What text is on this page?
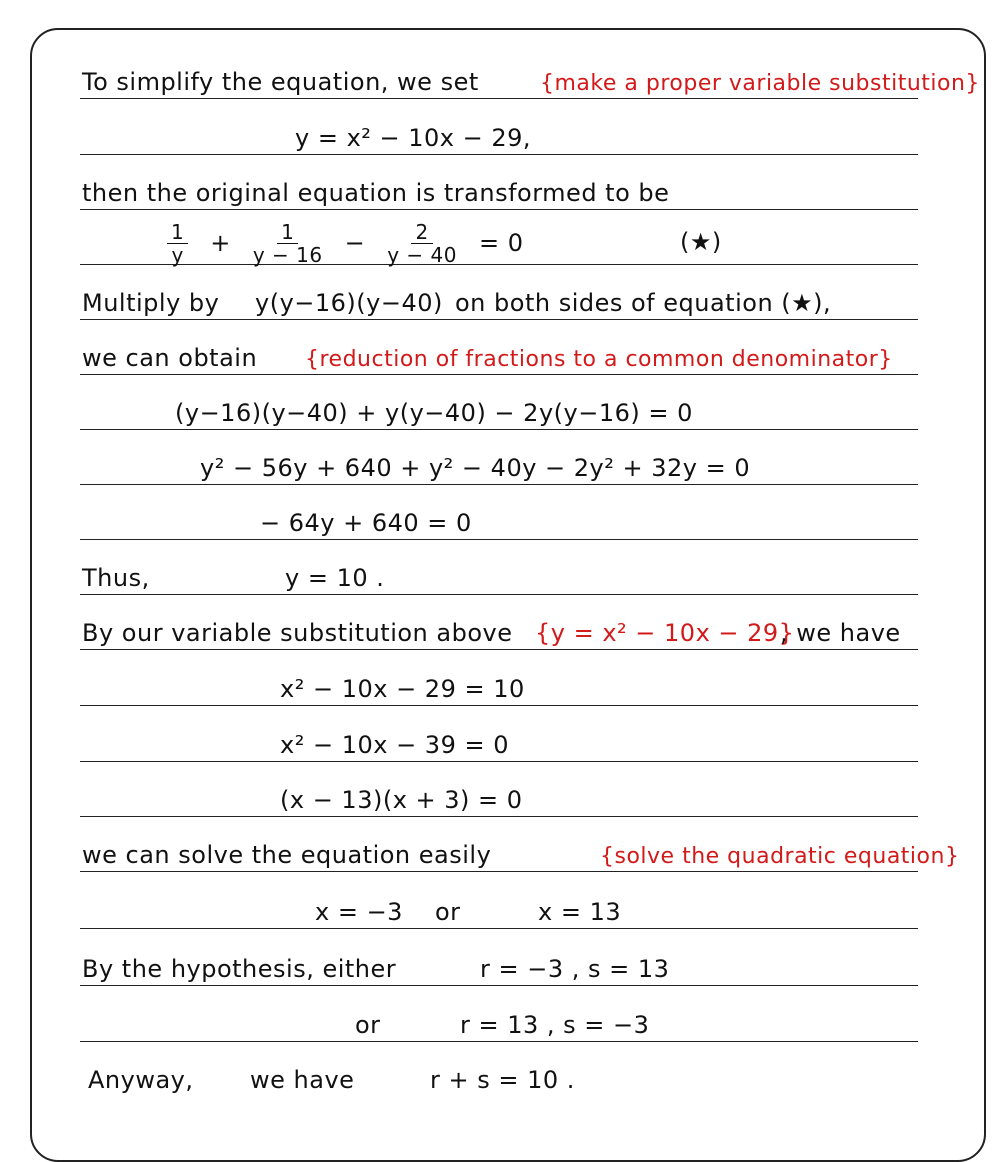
To simplify the equation, we set	{make a proper variable substitution}
y = x² − 10x − 29,
then the original equation is transformed to be
$\frac{1}{y} + \frac{1}{y - 16} - \frac{2}{y - 40} = 0$	(★)
Multiply by y(y−16)(y−40) on both sides of equation (★),
we can obtain {reduction of fractions to a common denominator}
(y−16)(y−40) + y(y−40) − 2y(y−16) = 0
y² − 56y + 640 + y² − 40y − 2y² + 32y = 0
− 64y + 640 = 0
Thus,	y = 10 .
By our variable substitution above {y = x² − 10x − 29}
, we have
x² − 10x − 29 = 10
x² − 10x − 39 = 0
(x − 13)(x + 3) = 0
we can solve the equation easily	{solve the quadratic equation}
x = −3 or	x = 13
By the hypothesis, either	r = −3 , s = 13
or	r = 13 , s = −3
Anyway, we have	r + s = 10 .
